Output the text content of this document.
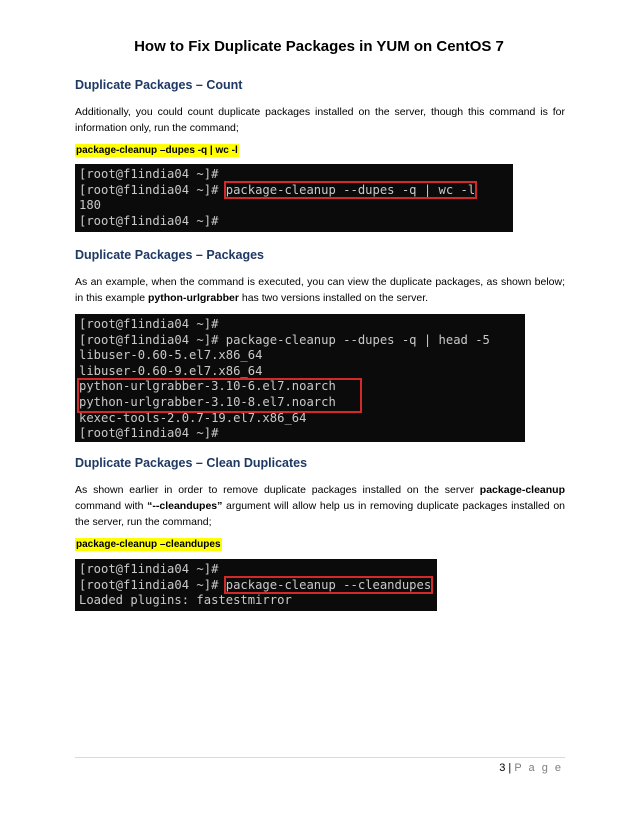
How to Fix Duplicate Packages in YUM on CentOS 7
Duplicate Packages – Count
Additionally, you could count duplicate packages installed on the server, though this command is for information only, run the command;
package-cleanup –dupes -q | wc -l
[root@f1india04 ~]#
[root@f1india04 ~]# package-cleanup --dupes -q | wc -l
180
[root@f1india04 ~]#
Duplicate Packages – Packages
As an example, when the command is executed, you can view the duplicate packages, as shown below; in this example python-urlgrabber has two versions installed on the server.
[root@f1india04 ~]#
[root@f1india04 ~]# package-cleanup --dupes -q | head -5
libuser-0.60-5.el7.x86_64
libuser-0.60-9.el7.x86_64
python-urlgrabber-3.10-6.el7.noarch
python-urlgrabber-3.10-8.el7.noarch
kexec-tools-2.0.7-19.el7.x86_64
[root@f1india04 ~]#
Duplicate Packages – Clean Duplicates
As shown earlier in order to remove duplicate packages installed on the server package-cleanup command with “--cleandupes” argument will allow help us in removing duplicate packages installed on the server, run the command;
package-cleanup –cleandupes
[root@f1india04 ~]#
[root@f1india04 ~]# package-cleanup --cleandupes
Loaded plugins: fastestmirror
3 | P a g e
